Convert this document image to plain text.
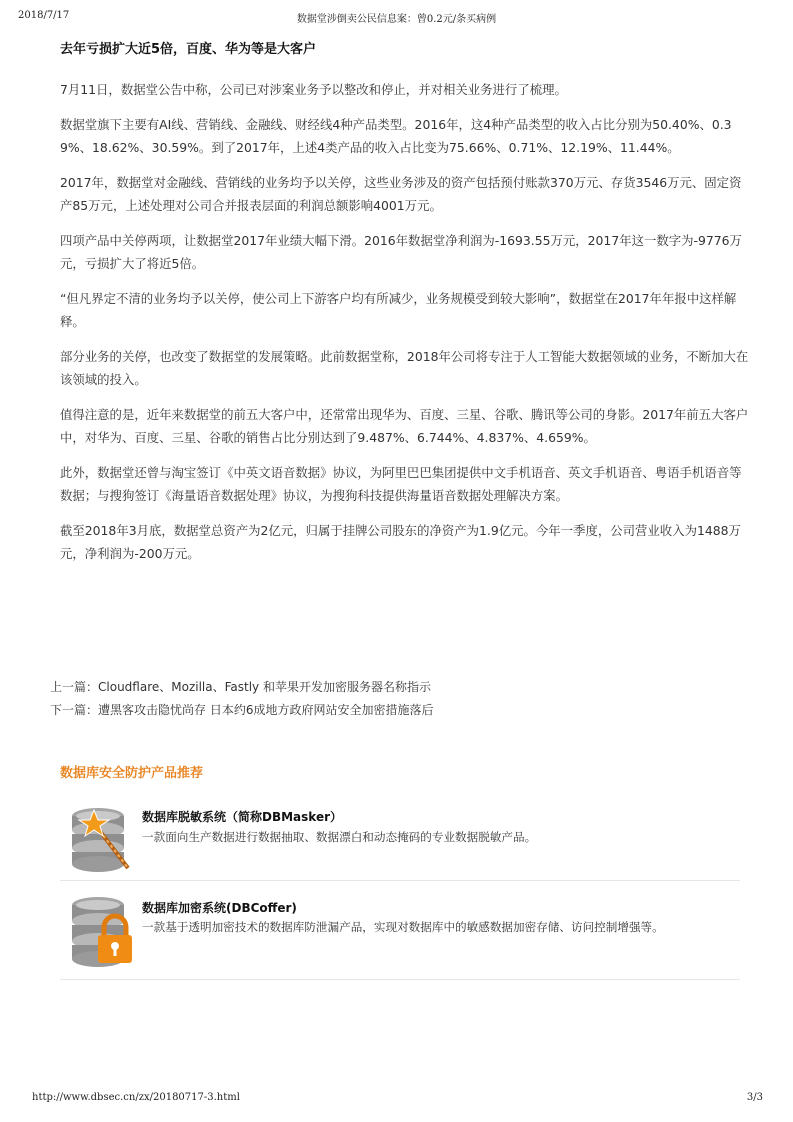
2018/7/17	数据堂涉倒卖公民信息案：曾0.2元/条买病例
去年亏损扩大近5倍，百度、华为等是大客户

7月11日，数据堂公告中称，公司已对涉案业务予以整改和停止，并对相关业务进行了梳理。

数据堂旗下主要有AI线、营销线、金融线、财经线4种产品类型。2016年，这4种产品类型的收入占比分别为50.40%、0.39%、18.62%、30.59%。到了2017年，上述4类产品的收入占比变为75.66%、0.71%、12.19%、11.44%。

2017年，数据堂对金融线、营销线的业务均予以关停，这些业务涉及的资产包括预付账款370万元、存货3546万元、固定资产85万元，上述处理对公司合并报表层面的利润总额影响4001万元。

四项产品中关停两项，让数据堂2017年业绩大幅下滑。2016年数据堂净利润为-1693.55万元，2017年这一数字为-9776万元，亏损扩大了将近5倍。

“但凡界定不清的业务均予以关停，使公司上下游客户均有所减少，业务规模受到较大影响”，数据堂在2017年年报中这样解释。

部分业务的关停，也改变了数据堂的发展策略。此前数据堂称，2018年公司将专注于人工智能大数据领域的业务，不断加大在该领域的投入。

值得注意的是，近年来数据堂的前五大客户中，还常常出现华为、百度、三星、谷歌、腾讯等公司的身影。2017年前五大客户中，对华为、百度、三星、谷歌的销售占比分别达到了9.487%、6.744%、4.837%、4.659%。

此外，数据堂还曾与淘宝签订《中英文语音数据》协议，为阿里巴巴集团提供中文手机语音、英文手机语音、粤语手机语音等数据；与搜狗签订《海量语音数据处理》协议，为搜狗科技提供海量语音数据处理解决方案。

截至2018年3月底，数据堂总资产为2亿元，归属于挂牌公司股东的净资产为1.9亿元。今年一季度，公司营业收入为1488万元，净利润为-200万元。

上一篇：Cloudflare、Mozilla、Fastly 和苹果开发加密服务器名称指示
下一篇：遭黑客攻击隐忧尚存 日本约6成地方政府网站安全加密措施落后
数据库安全防护产品推荐
数据库脱敏系统（简称DBMasker）
一款面向生产数据进行数据抽取、数据漂白和动态掩码的专业数据脱敏产品。
数据库加密系统(DBCoffer)
一款基于透明加密技术的数据库防泄漏产品，实现对数据库中的敏感数据加密存储、访问控制增强等。
http://www.dbsec.cn/zx/20180717-3.html	3/3
